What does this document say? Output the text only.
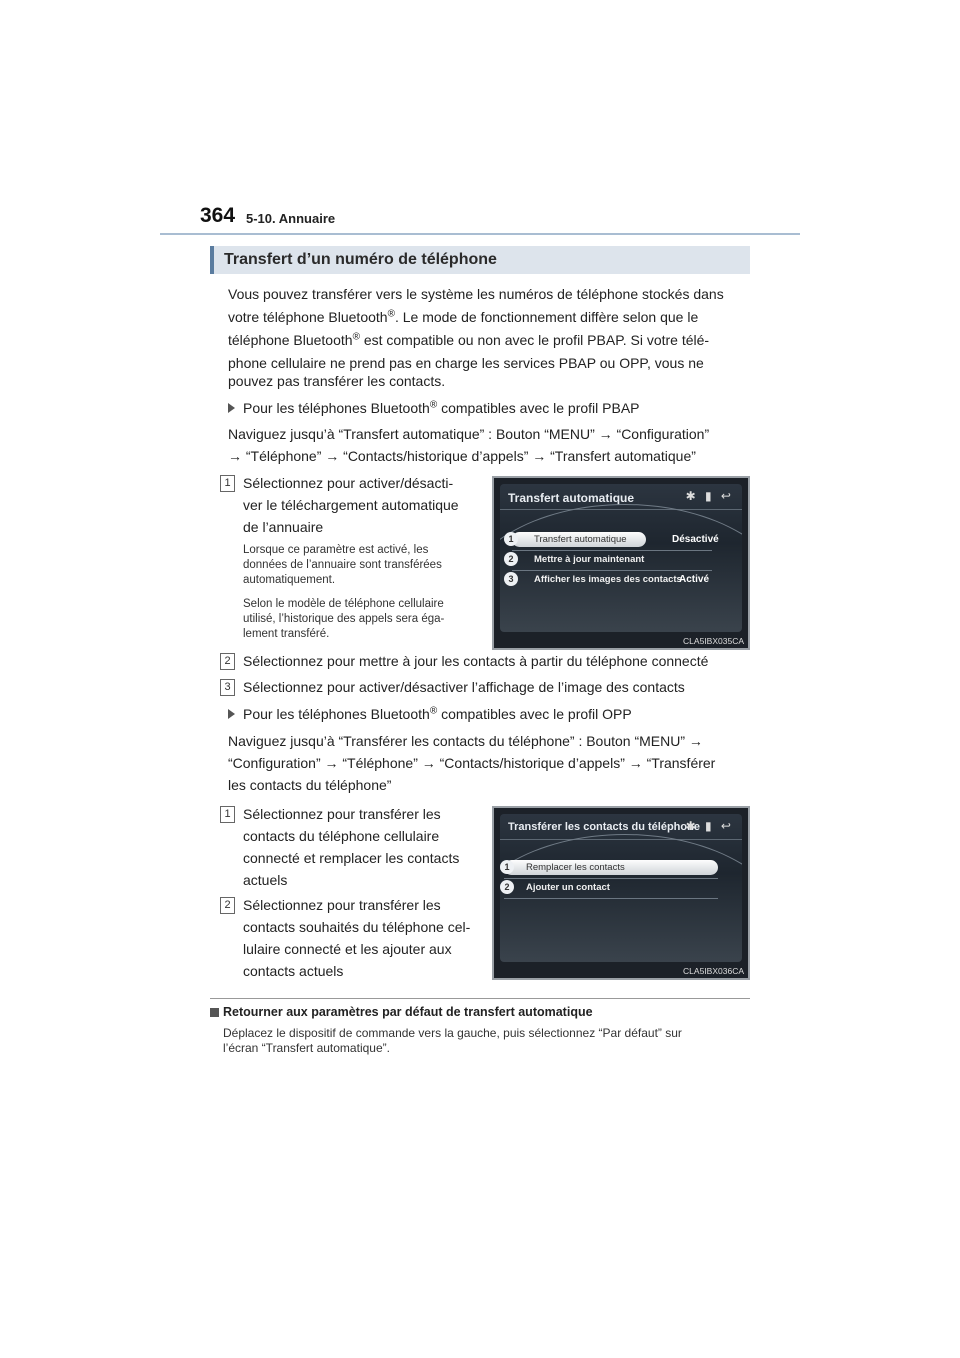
364 5-10. Annuaire
Transfert d’un numéro de téléphone
Vous pouvez transférer vers le système les numéros de téléphone stockés dans
votre téléphone Bluetooth®. Le mode de fonctionnement diffère selon que le
téléphone Bluetooth® est compatible ou non avec le profil PBAP. Si votre télé-
phone cellulaire ne prend pas en charge les services PBAP ou OPP, vous ne
pouvez pas transférer les contacts.
Pour les téléphones Bluetooth® compatibles avec le profil PBAP
Naviguez jusqu’à “Transfert automatique” : Bouton “MENU” → “Configuration”
→ “Téléphone” → “Contacts/historique d’appels” → “Transfert automatique”
1 Sélectionnez pour activer/désacti-
ver le téléchargement automatique
de l’annuaire
Lorsque ce paramètre est activé, les
données de l’annuaire sont transférées
automatiquement.
Selon le modèle de téléphone cellulaire
utilisé, l’historique des appels sera éga-
lement transféré.
Transfert automatique	✱ ▮ ↩
Transfert automatique	Désactivé
Mettre à jour maintenant
Afficher les images des contacts
Activé
1
2
3
CLA5IBX035CA
2 Sélectionnez pour mettre à jour les contacts à partir du téléphone connecté
3 Sélectionnez pour activer/désactiver l’affichage de l’image des contacts
Pour les téléphones Bluetooth® compatibles avec le profil OPP
Naviguez jusqu’à “Transférer les contacts du téléphone” : Bouton “MENU” →
“Configuration” → “Téléphone” → “Contacts/historique d’appels” → “Transférer
les contacts du téléphone”
1 Sélectionnez pour transférer les
contacts du téléphone cellulaire
connecté et remplacer les contacts
actuels
2 Sélectionnez pour transférer les
contacts souhaités du téléphone cel-
lulaire connecté et les ajouter aux
contacts actuels
Transférer les contacts du téléphone
✱ ▮ ↩
Remplacer les contacts
Ajouter un contact
1
2
CLA5IBX036CA
Retourner aux paramètres par défaut de transfert automatique
Déplacez le dispositif de commande vers la gauche, puis sélectionnez “Par défaut” sur
l’écran “Transfert automatique”.
